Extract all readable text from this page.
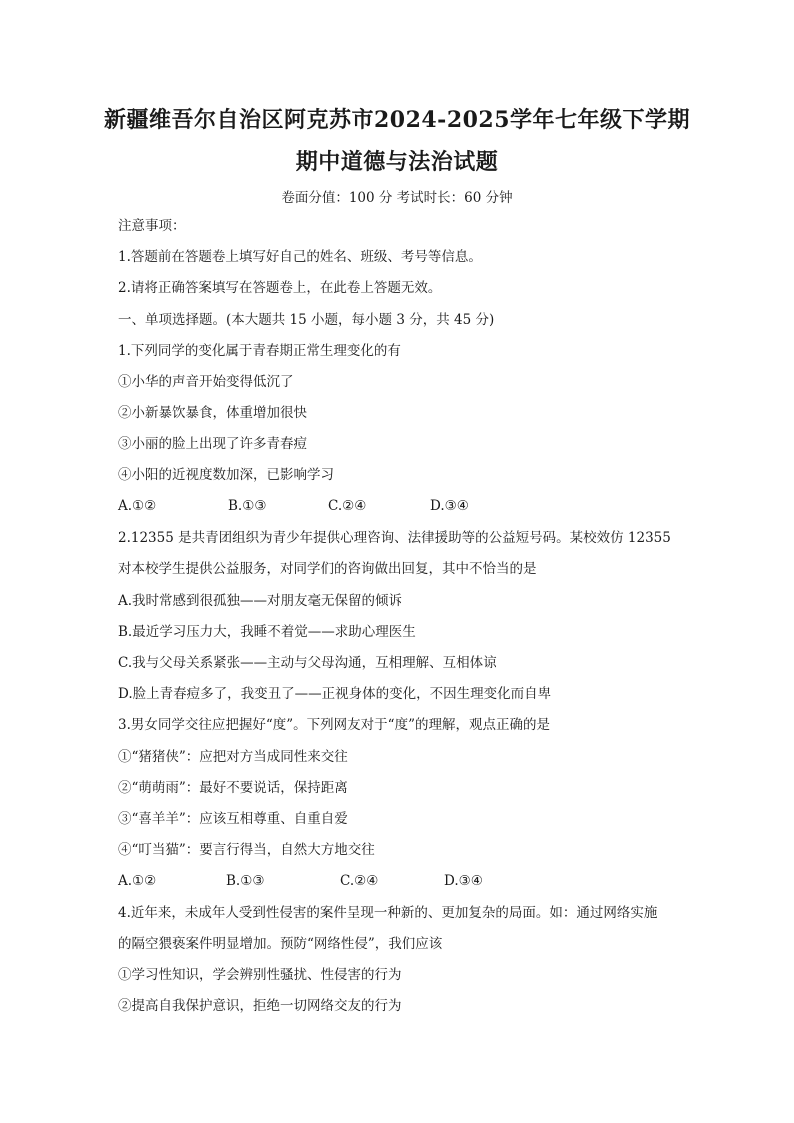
新疆维吾尔自治区阿克苏市2024-2025学年七年级下学期
期中道德与法治试题
卷面分值：100 分 考试时长：60 分钟
注意事项：
1.答题前在答题卷上填写好自己的姓名、班级、考号等信息。
2.请将正确答案填写在答题卷上，在此卷上答题无效。
一、单项选择题。(本大题共 15 小题，每小题 3 分，共 45 分)
1.下列同学的变化属于青春期正常生理变化的有
①小华的声音开始变得低沉了
②小新暴饮暴食，体重增加很快
③小丽的脸上出现了许多青春痘
④小阳的近视度数加深，已影响学习
A.①②	B.①③	C.②④	D.③④
2.12355 是共青团组织为青少年提供心理咨询、法律援助等的公益短号码。某校效仿 12355
对本校学生提供公益服务，对同学们的咨询做出回复，其中不恰当的是
A.我时常感到很孤独——对朋友毫无保留的倾诉
B.最近学习压力大，我睡不着觉——求助心理医生
C.我与父母关系紧张——主动与父母沟通，互相理解、互相体谅
D.脸上青春痘多了，我变丑了——正视身体的变化，不因生理变化而自卑
3.男女同学交往应把握好“度”。下列网友对于“度”的理解，观点正确的是
①“猪猪侠”：应把对方当成同性来交往
②“萌萌雨”：最好不要说话，保持距离
③“喜羊羊”：应该互相尊重、自重自爱
④“叮当猫”：要言行得当，自然大方地交往
A.①②	B.①③	C.②④	D.③④
4.近年来，未成年人受到性侵害的案件呈现一种新的、更加复杂的局面。如：通过网络实施
的隔空猥亵案件明显增加。预防“网络性侵”，我们应该
①学习性知识，学会辨别性骚扰、性侵害的行为
②提高自我保护意识，拒绝一切网络交友的行为
